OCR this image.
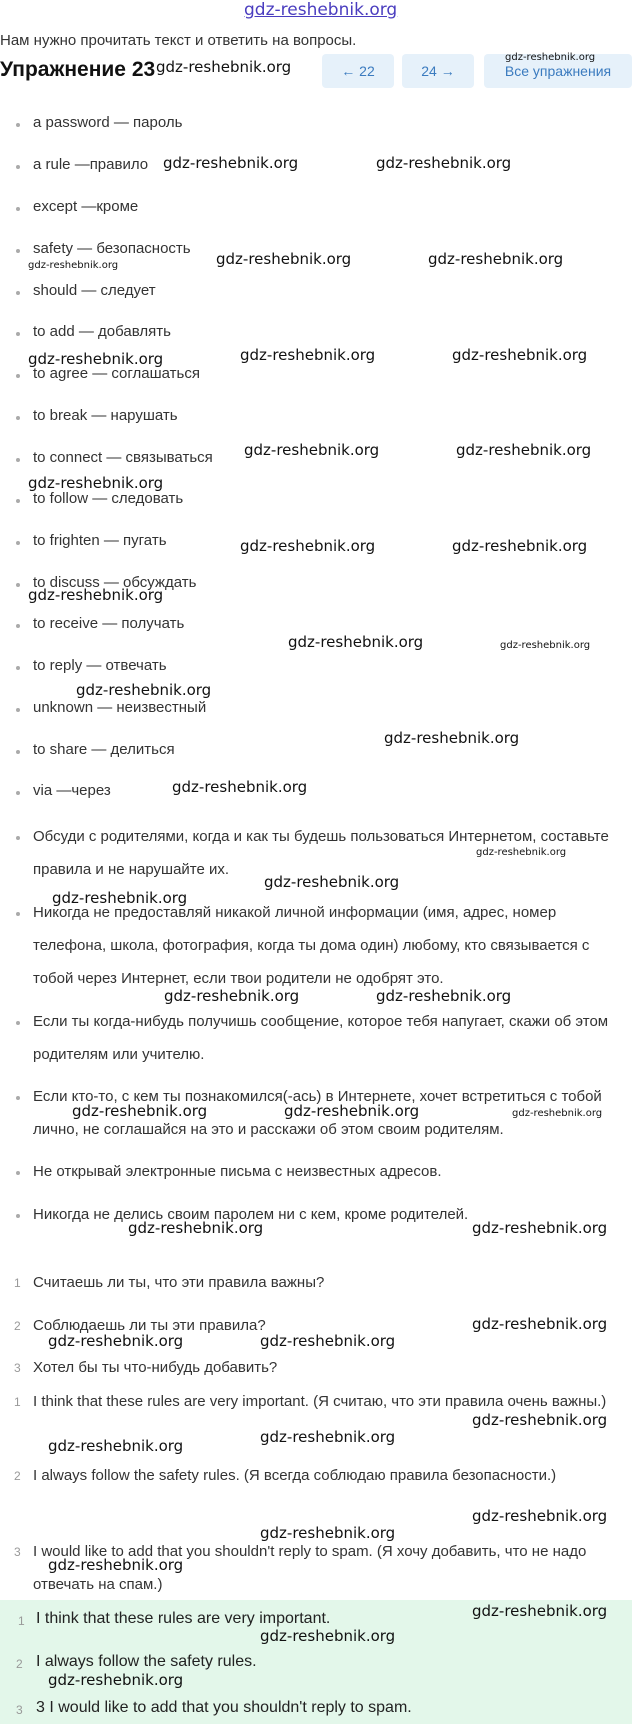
gdz-reshebnik.org
Нам нужно прочитать текст и ответить на вопросы.
Упражнение 23	← 22	24 →	Все упражнения
a password — пароль
a rule —правило
except —кроме
safety — безопасность
should — следует
to add — добавлять
to agree — соглашаться
to break — нарушать
to connect — связываться
to follow — следовать
to frighten — пугать
to discuss — обсуждать
to receive — получать
to reply — отвечать
unknown — неизвестный
to share — делиться
via —через
Обсуди с родителями, когда и как ты будешь пользоваться Интернетом, составьте правила и не нарушайте их.
Никогда не предоставляй никакой личной информации (имя, адрес, номер телефона, школа, фотография, когда ты дома один) любому, кто связывается с тобой через Интернет, если твои родители не одобрят это.
Если ты когда-нибудь получишь сообщение, которое тебя напугает, скажи об этом родителям или учителю.
Если кто-то, с кем ты познакомился(-ась) в Интернете, хочет встретиться с тобой лично, не соглашайся на это и расскажи об этом своим родителям.
Не открывай электронные письма с неизвестных адресов.
Никогда не делись своим паролем ни с кем, кроме родителей.
1 Считаешь ли ты, что эти правила важны?
2 Соблюдаешь ли ты эти правила?
3 Хотел бы ты что-нибудь добавить?
1 I think that these rules are very important. (Я считаю, что эти правила очень важны.)
2 I always follow the safety rules. (Я всегда соблюдаю правила безопасности.)
3 I would like to add that you shouldn't reply to spam. (Я хочу добавить, что не надо отвечать на спам.)
1 I think that these rules are very important.
2 I always follow the safety rules.
3 3 I would like to add that you shouldn't reply to spam.
gdz-reshebnik.org
gdz-reshebnik.org
gdz-reshebnik.org	gdz-reshebnik.org
gdz-reshebnik.org	gdz-reshebnik.org	gdz-reshebnik.org
gdz-reshebnik.org	gdz-reshebnik.org	gdz-reshebnik.org
gdz-reshebnik.org	gdz-reshebnik.org
gdz-reshebnik.org
gdz-reshebnik.org	gdz-reshebnik.org
gdz-reshebnik.org
gdz-reshebnik.org	gdz-reshebnik.org
gdz-reshebnik.org
gdz-reshebnik.org
gdz-reshebnik.org
gdz-reshebnik.org
gdz-reshebnik.org
gdz-reshebnik.org
gdz-reshebnik.org	gdz-reshebnik.org
gdz-reshebnik.org	gdz-reshebnik.org	gdz-reshebnik.org
gdz-reshebnik.org	gdz-reshebnik.org
gdz-reshebnik.org
gdz-reshebnik.org	gdz-reshebnik.org
gdz-reshebnik.org
gdz-reshebnik.org	gdz-reshebnik.org
gdz-reshebnik.org
gdz-reshebnik.org
gdz-reshebnik.org
gdz-reshebnik.org
gdz-reshebnik.org
gdz-reshebnik.org
